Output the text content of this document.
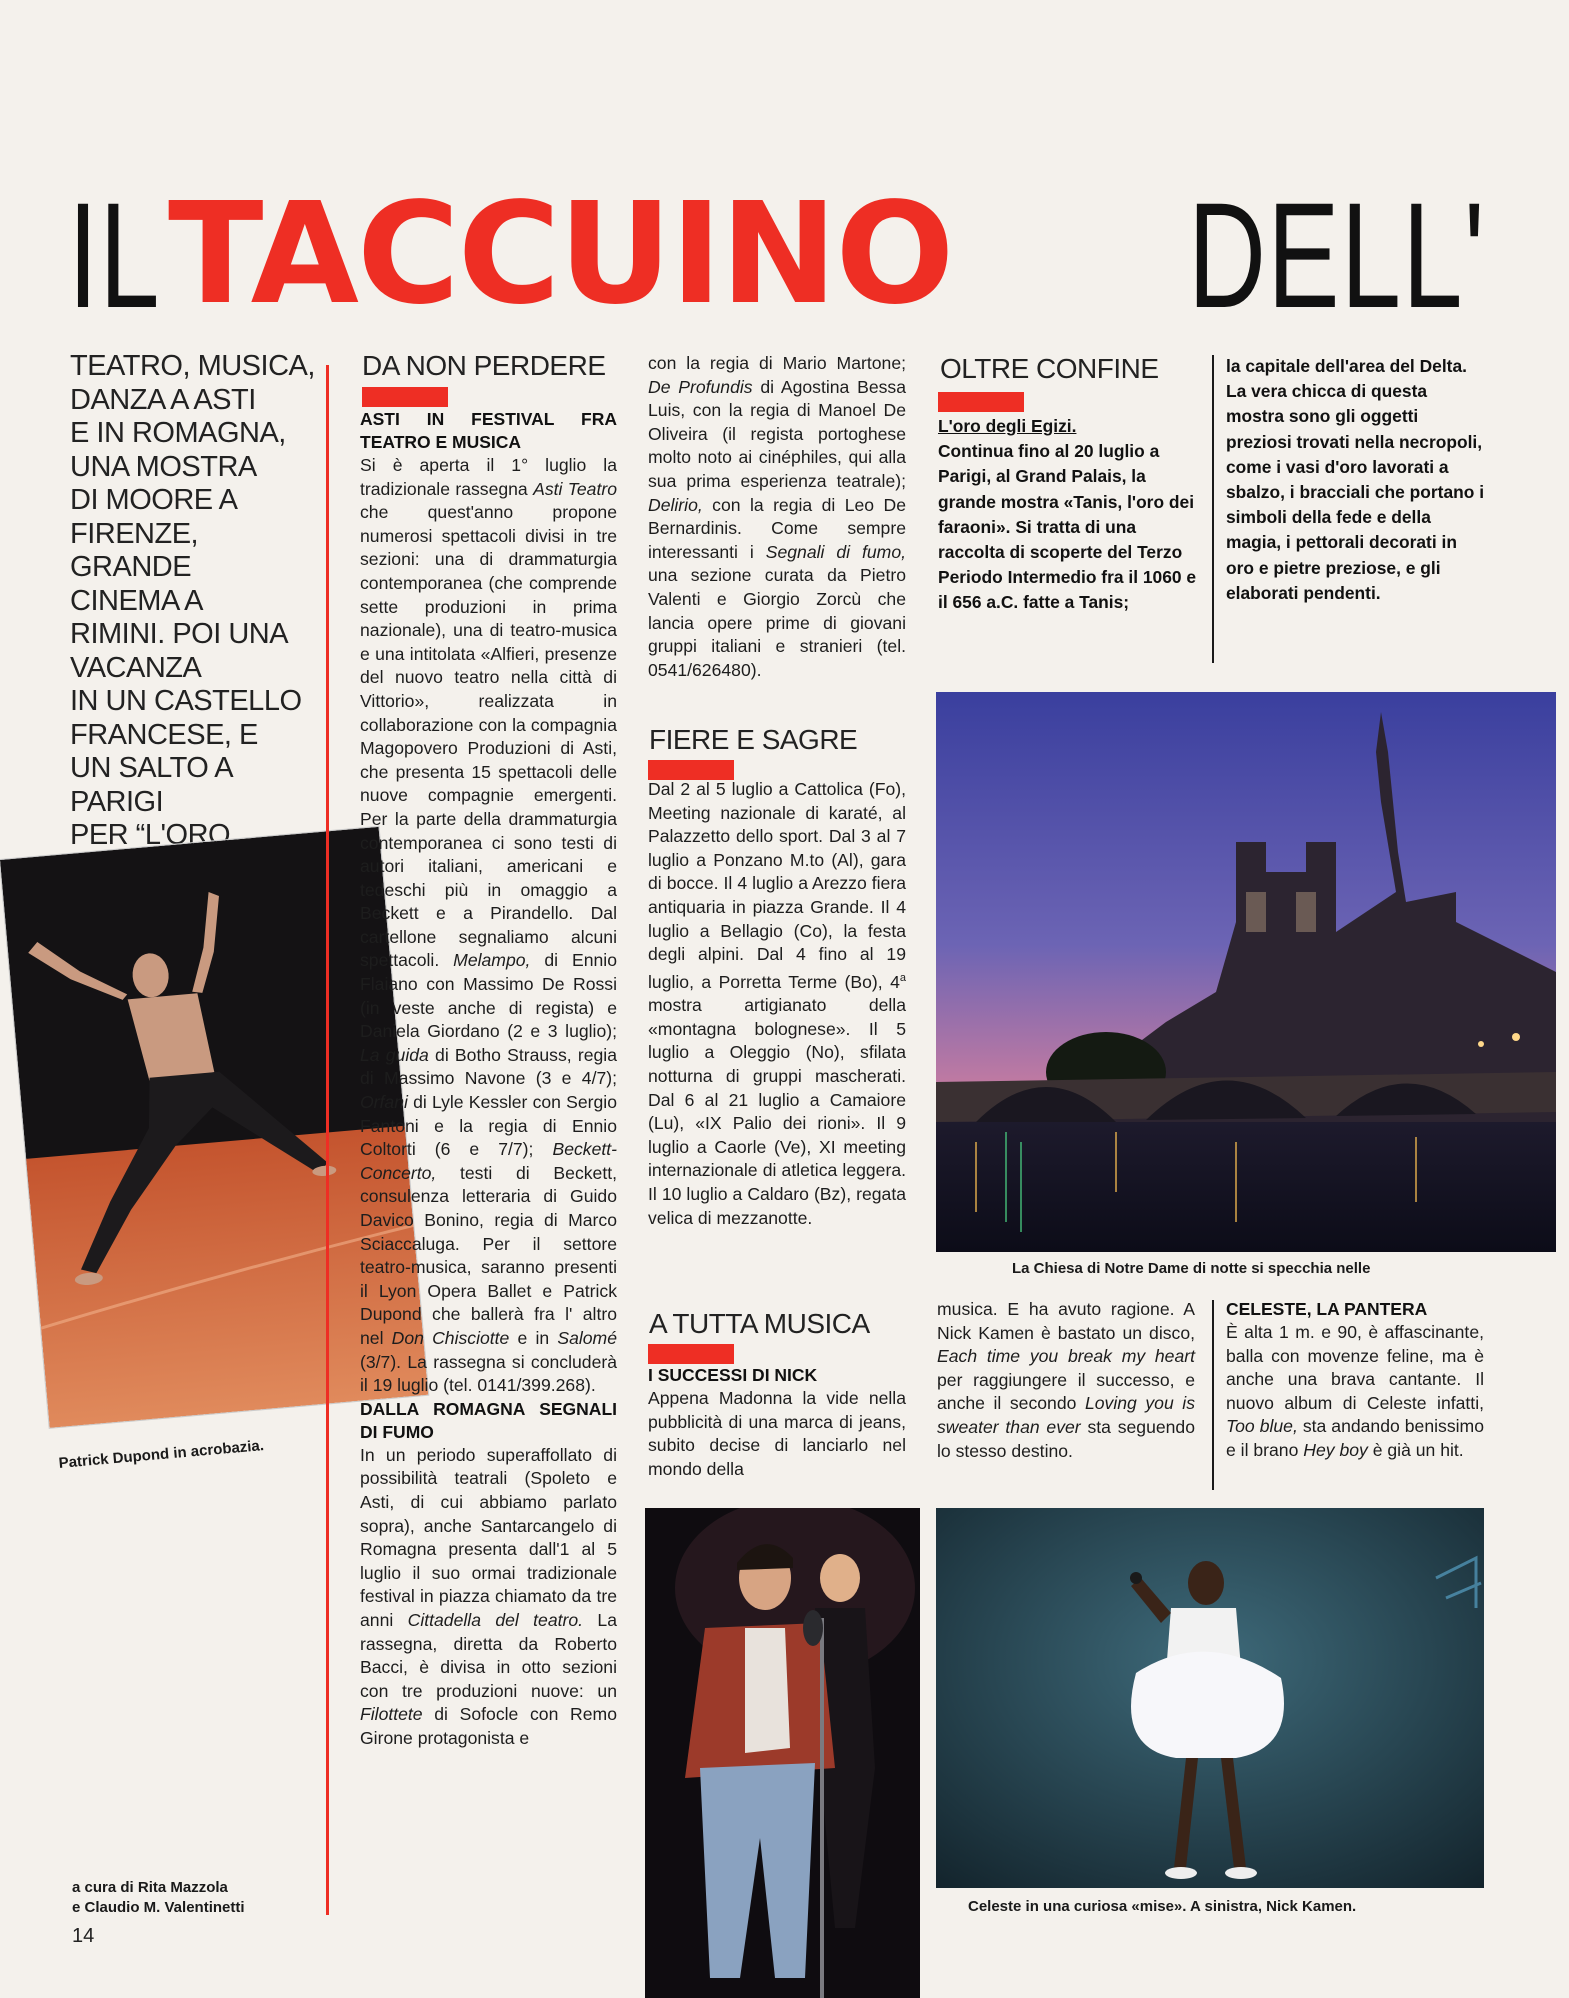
IL TACCUINO DELL'

TEATRO, MUSICA,

DANZA A ASTI

E IN ROMAGNA,

UNA MOSTRA

DI MOORE A

FIRENZE, GRANDE

CINEMA A

RIMINI. POI UNA

VACANZA

IN UN CASTELLO

FRANCESE, E

UN SALTO A PARIGI

PER “L'ORO

Patrick Dupond in acrobazia.
a cura di Rita Mazzola
e Claudio M. Valentinetti
14
DA NON PERDERE
ASTI IN FESTIVAL FRA TEATRO E MUSICA

Si è aperta il 1° luglio la tradizionale rassegna Asti Teatro che quest'anno propone numerosi spettacoli divisi in tre sezioni: una di drammaturgia contemporanea (che comprende sette produzioni in prima nazionale), una di teatro-musica e una intitolata «Alfieri, presenze del nuovo teatro nella città di Vittorio», realizzata in collaborazione con la compagnia Magopovero Produzioni di Asti, che presenta 15 spettacoli delle nuove compagnie emergenti. Per la parte della drammaturgia contemporanea ci sono testi di autori italiani, americani e tedeschi più in omaggio a Beckett e a Pirandello. Dal cartellone segnaliamo alcuni spettacoli. Melampo, di Ennio Flaiano con Massimo De Rossi (in veste anche di regista) e Daniela Giordano (2 e 3 luglio); La guida di Botho Strauss, regia di Massimo Navone (3 e 4/7); Orfani di Lyle Kessler con Sergio Fantoni e la regia di Ennio Coltorti (6 e 7/7); Beckett-Concerto, testi di Beckett, consulenza letteraria di Guido Davico Bonino, regia di Marco Sciaccaluga. Per il settore teatro-musica, saranno presenti il Lyon Opera Ballet e Patrick Dupond che ballerà fra l' altro nel Don Chisciotte e in Salomé (3/7). La rassegna si concluderà il 19 luglio (tel. 0141/399.268).

DALLA ROMAGNA SEGNALI DI FUMO

In un periodo superaffollato di possibilità teatrali (Spoleto e Asti, di cui abbiamo parlato sopra), anche Santarcangelo di Romagna presenta dall'1 al 5 luglio il suo ormai tradizionale festival in piazza chiamato da tre anni Cittadella del teatro. La rassegna, diretta da Roberto Bacci, è divisa in otto sezioni con tre produzioni nuove: un Filottete di Sofocle con Remo Girone protagonista e

con la regia di Mario Martone; De Profundis di Agostina Bessa Luis, con la regia di Manoel De Oliveira (il regista portoghese molto noto ai cinéphiles, qui alla sua prima esperienza teatrale); Delirio, con la regia di Leo De Bernardinis. Come sempre interessanti i Segnali di fumo, una sezione curata da Pietro Valenti e Giorgio Zorcù che lancia opere prime di giovani gruppi italiani e stranieri (tel. 0541/626480).

FIERE E SAGRE

Dal 2 al 5 luglio a Cattolica (Fo), Meeting nazionale di karaté, al Palazzetto dello sport. Dal 3 al 7 luglio a Ponzano M.to (Al), gara di bocce. Il 4 luglio a Arezzo fiera antiquaria in piazza Grande. Il 4 luglio a Bellagio (Co), la festa degli alpini. Dal 4 fino al 19 luglio, a Porretta Terme (Bo), 4$^a$ mostra artigianato della «montagna bolognese». Il 5 luglio a Oleggio (No), sfilata notturna di gruppi mascherati. Dal 6 al 21 luglio a Camaiore (Lu), «IX Palio dei rioni». Il 9 luglio a Caorle (Ve), XI meeting internazionale di atletica leggera. Il 10 luglio a Caldaro (Bz), regata velica di mezzanotte.

A TUTTA MUSICA
I SUCCESSI DI NICK

Appena Madonna la vide nella pubblicità di una marca di jeans, subito decise di lanciarlo nel mondo della

OLTRE CONFINE

L'oro degli Egizi.

Continua fino al 20 luglio a Parigi, al Grand Palais, la grande mostra «Tanis, l'oro dei faraoni». Si tratta di una raccolta di scoperte del Terzo Periodo Intermedio fra il 1060 e il 656 a.C. fatte a Tanis;

la capitale dell'area del Delta. La vera chicca di questa mostra sono gli oggetti preziosi trovati nella necropoli, come i vasi d'oro lavorati a sbalzo, i bracciali che portano i simboli della fede e della magia, i pettorali decorati in oro e pietre preziose, e gli elaborati pendenti.

La Chiesa di Notre Dame di notte si specchia nelle

musica. E ha avuto ragione. A Nick Kamen è bastato un disco, Each time you break my heart per raggiungere il successo, e anche il secondo Loving you is sweater than ever sta seguendo lo stesso destino.

CELESTE, LA PANTERA

È alta 1 m. e 90, è affascinante, balla con movenze feline, ma è anche una brava cantante. Il nuovo album di Celeste infatti, Too blue, sta andando benissimo e il brano Hey boy è già un hit.

Celeste in una curiosa «mise». A sinistra, Nick Kamen.
